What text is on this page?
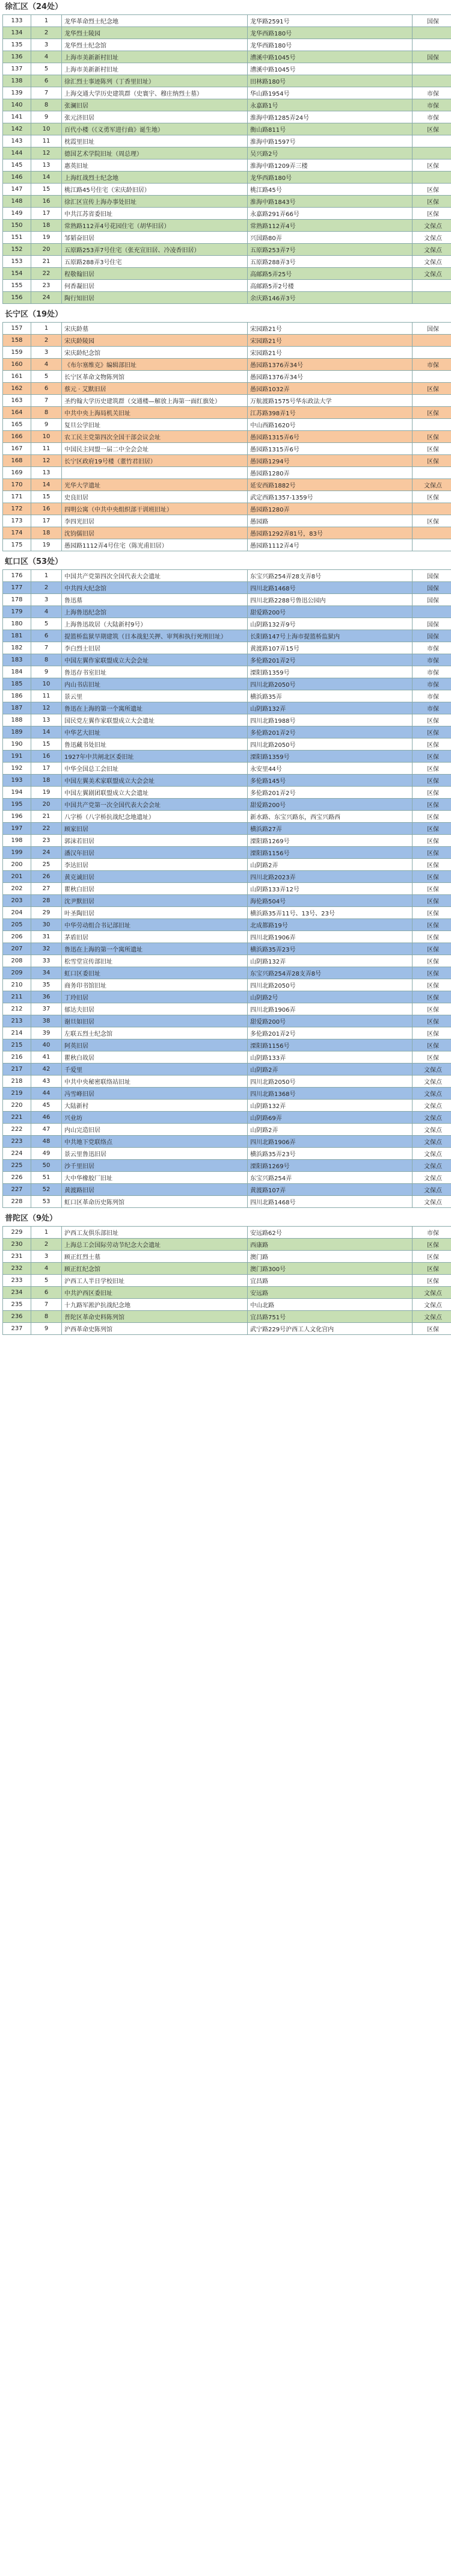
徐汇区（24处）
133	1	龙华革命烈士纪念地	龙华路2591号	国保
134	2	龙华烈士陵园	龙华西路180号	
135	3	龙华烈士纪念馆	龙华西路180号	
136	4	上海市美新新村旧址	漕溪中路1045号	国保
137	5	上海市美新新村旧址	漕溪中路1045号	
138	6	徐汇烈士事迹陈列（丁香里旧址）	田林路180号	
139	7	上海交通大学历史建筑群（史寰宇、穆庄纳烈士墓）	华山路1954号	市保
140	8	张澜旧居	永嘉路1号	市保
141	9	张元济旧居	淮海中路1285弄24号	市保
142	10	百代小楼（《义勇军进行曲》诞生地）	衡山路811号	区保
143	11	枕霞里旧址	淮海中路1597号	
144	12	德国艺术学院旧址（周总理）	吴兴路2号	
145	13	惠英旧址	淮海中路1209弄三楼	区保
146	14	上海红战烈士纪念地	龙华西路180号	
147	15	桃江路45号住宅（宋庆龄旧居）	桃江路45号	区保
148	16	徐汇区宣传上海办事处旧址	淮海中路1843号	区保
149	17	中共江苏省委旧址	永嘉路291弄66号	区保
150	18	常熟路112弄4号花园住宅（胡华旧居）	常熟路112弄4号	文保点
151	19	邹韬奋旧居	兴国路80弄	文保点
152	20	五原路253弄7号住宅（张充宣旧居、冷凌香旧居）	五原路253弄7号	文保点
153	21	五原路288弄3号住宅	五原路288弄3号	文保点
154	22	程敬翰旧居	高邮路5弄25号	文保点
155	23	何香凝旧居	高邮路5弄2号楼	
156	24	陶行知旧居	余庆路146弄3号	
长宁区（19处）
157	1	宋庆龄墓	宋园路21号	国保
158	2	宋庆龄陵园	宋园路21号	
159	3	宋庆龄纪念馆	宋园路21号	
160	4	《布尔塞维克》编辑部旧址	愚园路1376弄34号	市保
161	5	长宁区革命文物陈列馆	愚园路1376弄34号	
162	6	蔡元 · 艾默旧居	愚园路1032弄	区保
163	7	圣约翰大学历史建筑群（交通楼—解放上海第一面红旗处）	万航渡路1575号华东政法大学	
164	8	中共中央上海局机关旧址	江苏路398弄1号	区保
165	9	复旦公学旧址	中山西路1620号	
166	10	农工民主党第四次全国干部会议会址	愚园路1315弄6号	区保
167	11	中国民主同盟一届二中全会会址	愚园路1315弄6号	区保
168	12	长宁区政府19号楼（董竹君旧居）	愚园路1294号	区保
169	13		愚园路1280弄	
170	14	光华大学遗址	延安西路1882号	文保点
171	15	史良旧居	武定西路1357-1359号	区保
172	16	四明公寓（中共中央组织部干训班旧址）	愚园路1280弄	
173	17	李四光旧居	愚园路	区保
174	18	沈钧儒旧居	愚园路1292弄81号，83号	
175	19	愚园路1112弄4号住宅（陈光甫旧居）	愚园路1112弄4号	
虹口区（53处）
176	1	中国共产党第四次全国代表大会遗址	东宝兴路254弄28支弄8号	国保
177	2	中共四大纪念馆	四川北路1468号	国保
178	3	鲁迅墓	四川北路2288号鲁迅公园内	国保
179	4	上海鲁迅纪念馆	甜爱路200号	
180	5	上海鲁迅故居（大陆新村9号）	山阴路132弄9号	国保
181	6	提篮桥监狱早期建筑（日本战犯关押、审判和执行死刑旧址）	长阳路147号上海市提篮桥监狱内	国保
182	7	李白烈士旧居	黄渡路107弄15号	市保
183	8	中国左翼作家联盟成立大会会址	多伦路201弄2号	市保
184	9	鲁迅存书室旧址	溧阳路1359号	市保
185	10	内山书店旧址	四川北路2050号	市保
186	11	景云里	横浜路35弄	市保
187	12	鲁迅在上海的第一个寓所遗址	山阴路132弄	市保
188	13	国民党左翼作家联盟成立大会遗址	四川北路1988号	区保
189	14	中华艺大旧址	多伦路201弄2号	区保
190	15	鲁迅藏书处旧址	四川北路2050号	区保
191	16	1927年中共闸北区委旧址	溧阳路1359号	区保
192	17	中华全国总工会旧址	永安里44号	区保
193	18	中国左翼美术家联盟成立大会会址	多伦路145号	区保
194	19	中国左翼剧团联盟成立大会遗址	多伦路201弄2号	区保
195	20	中国共产党第一次全国代表大会会址	甜爱路200号	区保
196	21	八字桥（八字桥抗战纪念地遗址）	新水路、东宝兴路东，西宝兴路西	区保
197	22	顾家旧居	横浜路27弄	区保
198	23	郭沫若旧居	溧阳路1269号	区保
199	24	潘汉年旧居	溧阳路1156号	区保
200	25	李达旧居	山阴路2弄	区保
201	26	黄克诚旧居	四川北路2023弄	区保
202	27	瞿秋白旧居	山阴路133弄12号	区保
203	28	沈尹默旧居	海伦路504号	区保
204	29	叶圣陶旧居	横浜路35弄11号、13号、23号	区保
205	30	中华劳动组合书记部旧址	北成都路19号	区保
206	31	茅盾旧居	四川北路1906弄	区保
207	32	鲁迅在上海的第一个寓所遗址	横浜路35弄23号	区保
208	33	松雪堂宣传部旧址	山阴路132弄	区保
209	34	虹口区委旧址	东宝兴路254弄28支弄8号	区保
210	35	商务印书馆旧址	四川北路2050号	区保
211	36	丁玲旧居	山阴路2号	区保
212	37	郁达夫旧居	四川北路1906弄	区保
213	38	谢旦如旧居	甜爱路200号	区保
214	39	左联五烈士纪念馆	多伦路201弄2号	区保
215	40	阿英旧居	溧阳路1156号	区保
216	41	瞿秋白故居	山阴路133弄	区保
217	42	千爱里	山阴路2弄	文保点
218	43	中共中央秘密联络站旧址	四川北路2050号	文保点
219	44	冯雪峰旧居	四川北路1368号	文保点
220	45	大陆新村	山阴路132弄	文保点
221	46	兴业坊	山阴路69弄	文保点
222	47	内山完造旧居	山阴路2弄	文保点
223	48	中共地下党联络点	四川北路1906弄	文保点
224	49	景云里鲁迅旧居	横浜路35弄23号	文保点
225	50	沙千里旧居	溧阳路1269号	文保点
226	51	大中华橡胶厂旧址	东宝兴路254弄	文保点
227	52	黄渡路旧居	黄渡路107弄	文保点
228	53	虹口区革命历史陈列馆	四川北路1468号	文保点
普陀区（9处）
229	1	沪西工友俱乐部旧址	安远路62号	市保
230	2	上海总工会国际劳动节纪念大会遗址	西康路	区保
231	3	顾正红烈士墓	澳门路	区保
232	4	顾正红纪念馆	澳门路300号	区保
233	5	沪西工人半日学校旧址	宜昌路	区保
234	6	中共沪西区委旧址	安远路	文保点
235	7	十九路军淞沪抗战纪念地	中山北路	文保点
236	8	普陀区革命史料陈列馆	宜昌路751号	文保点
237	9	沪西革命史陈列馆	武宁路229号沪西工人文化宫内	区保
